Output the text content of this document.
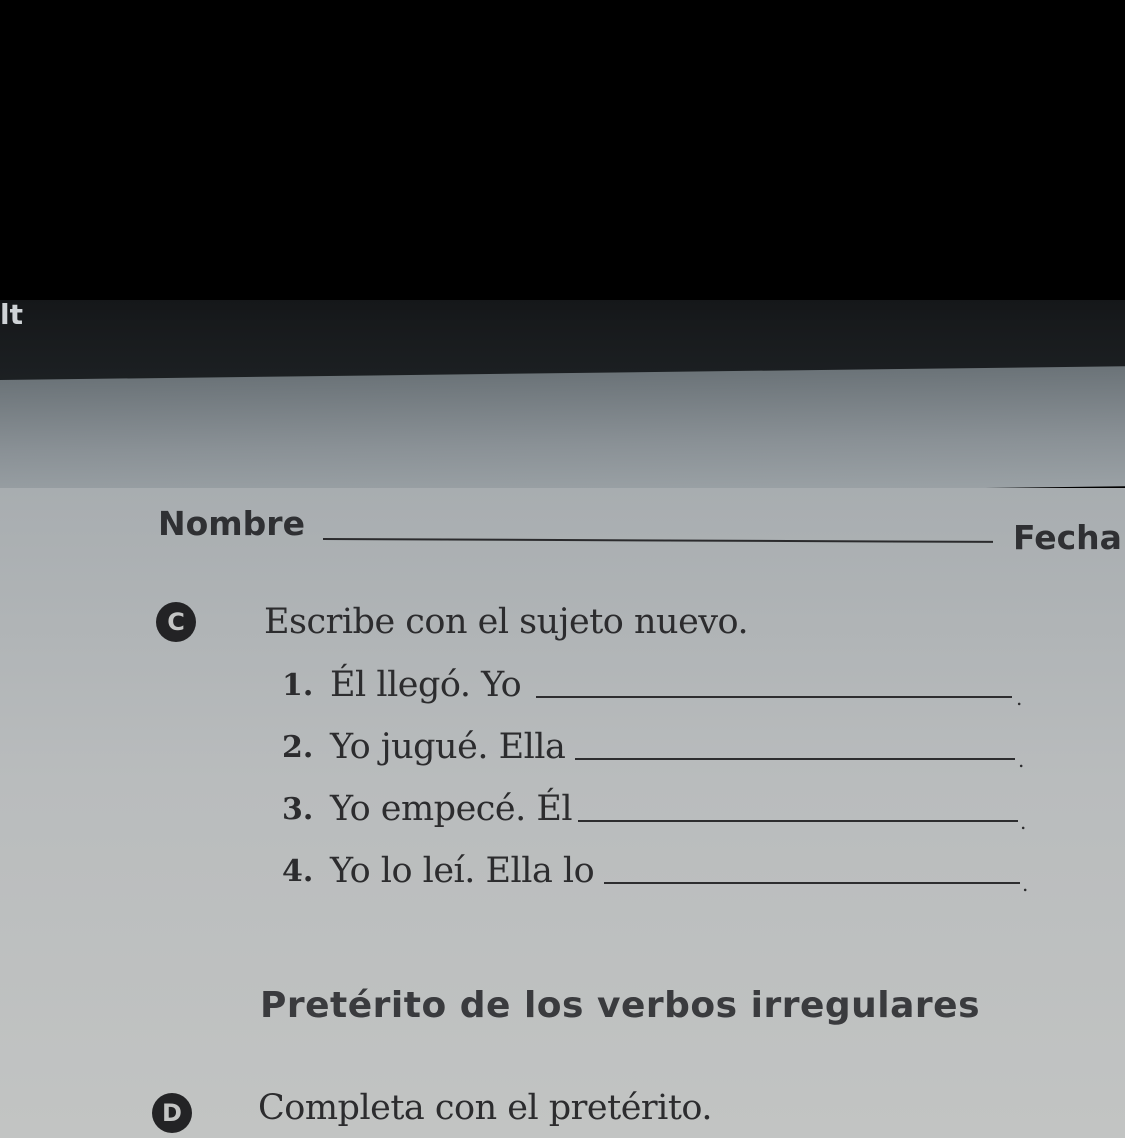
lt
Nombre	Fecha
C Escribe con el sujeto nuevo.
1. Él llegó. Yo	.
2. Yo jugué. Ella	.
3. Yo empecé. Él	.
4. Yo lo leí. Ella lo	.
Pretérito de los verbos irregulares
D Completa con el pretérito.
